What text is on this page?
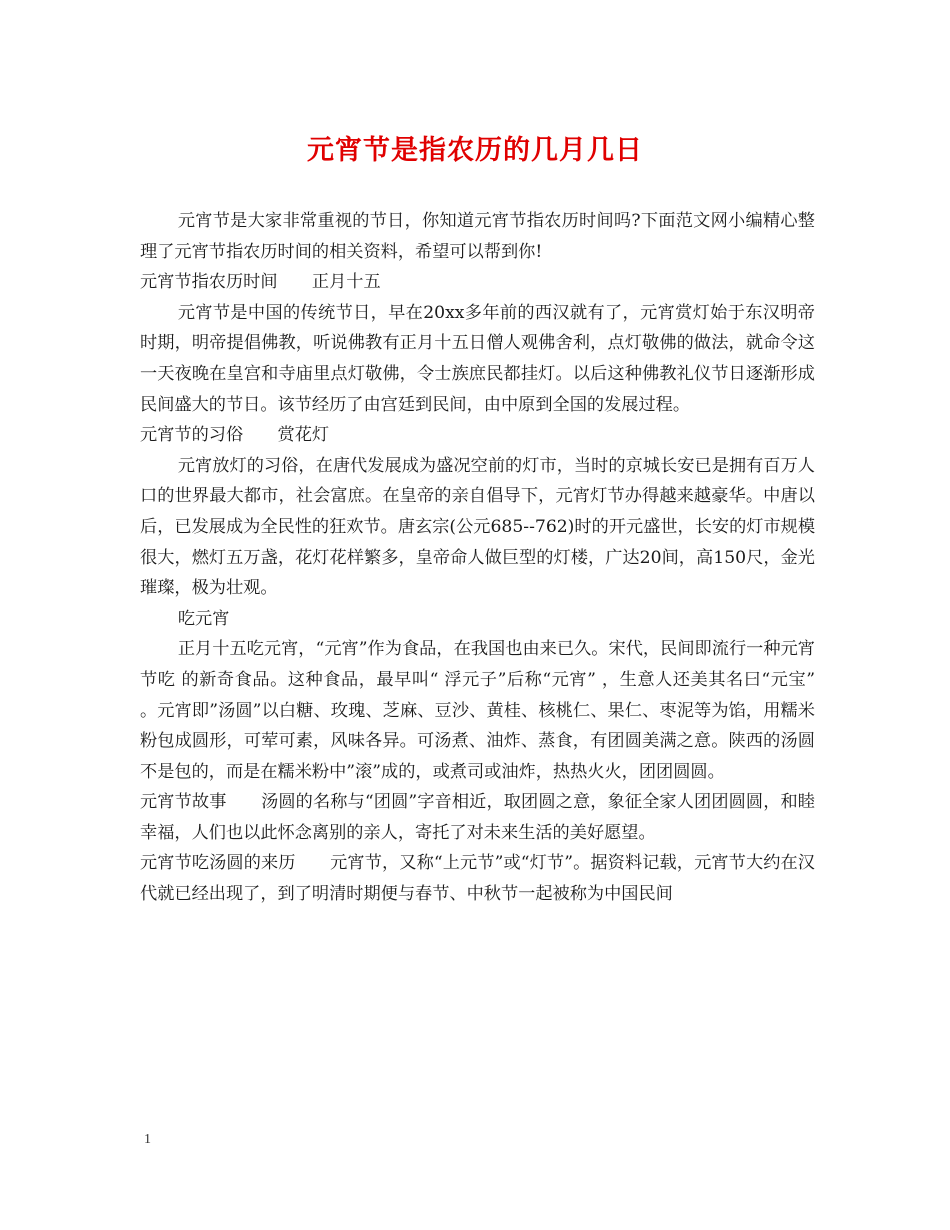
元宵节是指农历的几月几日

元宵节是大家非常重视的节日，你知道元宵节指农历时间吗?下面范文网小编精心整理了元宵节指农历时间的相关资料，希望可以帮到你!

元宵节指农历时间　　正月十五

元宵节是中国的传统节日，早在20xx多年前的西汉就有了，元宵赏灯始于东汉明帝时期，明帝提倡佛教，听说佛教有正月十五日僧人观佛舍利，点灯敬佛的做法，就命令这一天夜晚在皇宫和寺庙里点灯敬佛，令士族庶民都挂灯。以后这种佛教礼仪节日逐渐形成民间盛大的节日。该节经历了由宫廷到民间，由中原到全国的发展过程。

元宵节的习俗　　赏花灯

元宵放灯的习俗，在唐代发展成为盛况空前的灯市，当时的京城长安已是拥有百万人口的世界最大都市，社会富庶。在皇帝的亲自倡导下，元宵灯节办得越来越豪华。中唐以后，已发展成为全民性的狂欢节。唐玄宗(公元685--762)时的开元盛世，长安的灯市规模很大，燃灯五万盏，花灯花样繁多，皇帝命人做巨型的灯楼，广达20间，高150尺，金光璀璨，极为壮观。

吃元宵

正月十五吃元宵，“元宵”作为食品，在我国也由来已久。宋代，民间即流行一种元宵节吃 的新奇食品。这种食品，最早叫“ 浮元子”后称“元宵” ，生意人还美其名曰“元宝” 。元宵即”汤圆”以白糖、玫瑰、芝麻、豆沙、黄桂、核桃仁、果仁、枣泥等为馅，用糯米粉包成圆形，可荤可素，风味各异。可汤煮、油炸、蒸食，有团圆美满之意。陕西的汤圆不是包的，而是在糯米粉中”滚”成的，或煮司或油炸，热热火火，团团圆圆。

元宵节故事　　汤圆的名称与“团圆”字音相近，取团圆之意，象征全家人团团圆圆，和睦幸福，人们也以此怀念离别的亲人，寄托了对未来生活的美好愿望。

元宵节吃汤圆的来历　　元宵节，又称“上元节”或“灯节”。据资料记载，元宵节大约在汉代就已经出现了，到了明清时期便与春节、中秋节一起被称为中国民间

1
